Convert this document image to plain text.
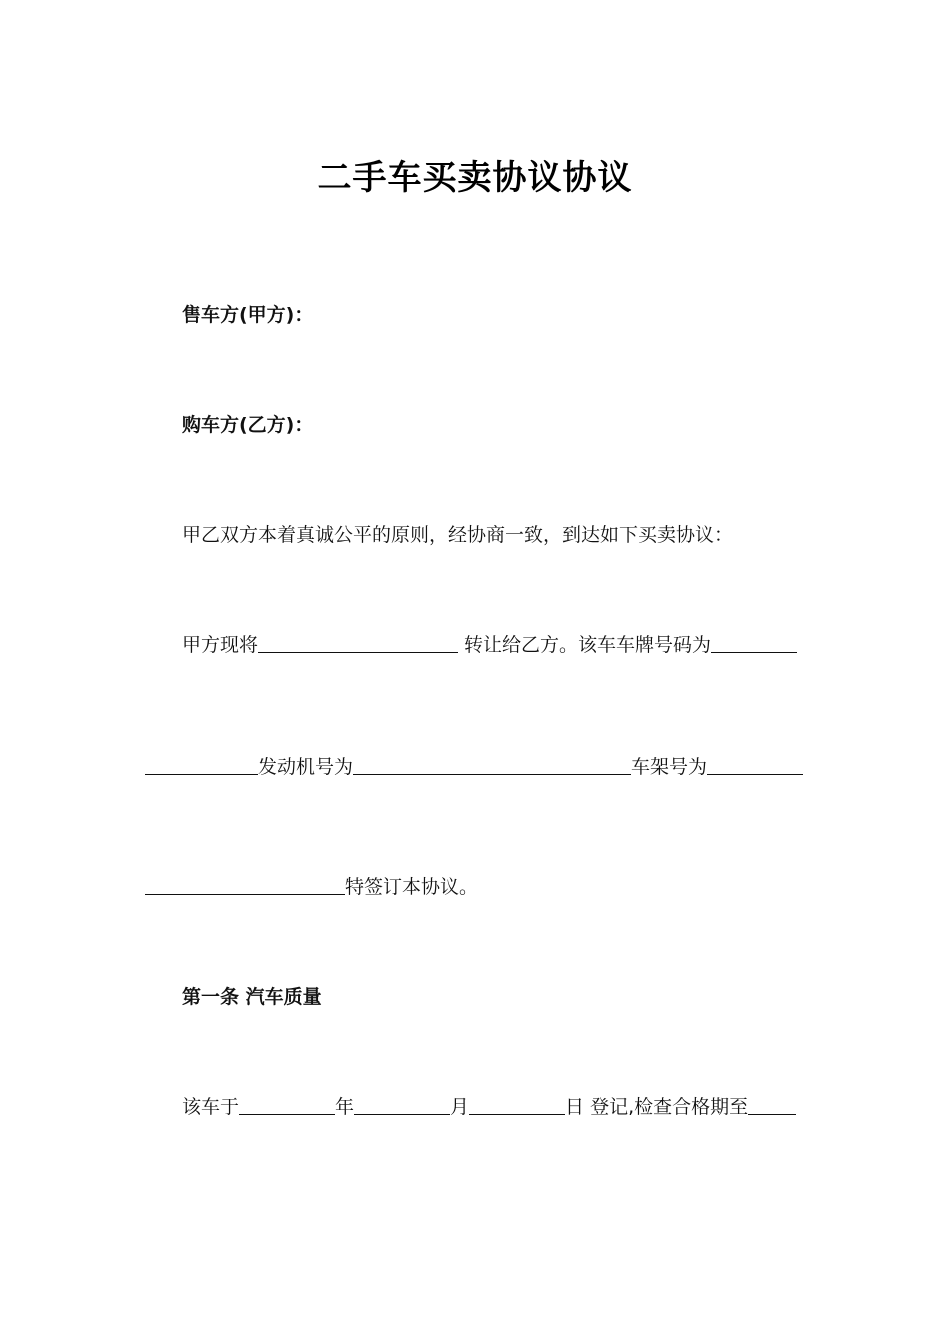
二手车买卖协议协议
售车方(甲方)：
购车方(乙方)：
甲乙双方本着真诚公平的原则，经协商一致，到达如下买卖协议：
甲方现将	转让给乙方。该车车牌号码为
发动机号为	车架号为
特签订本协议。
第一条 汽车质量
该车于	年	月	日 登记,检查合格期至
